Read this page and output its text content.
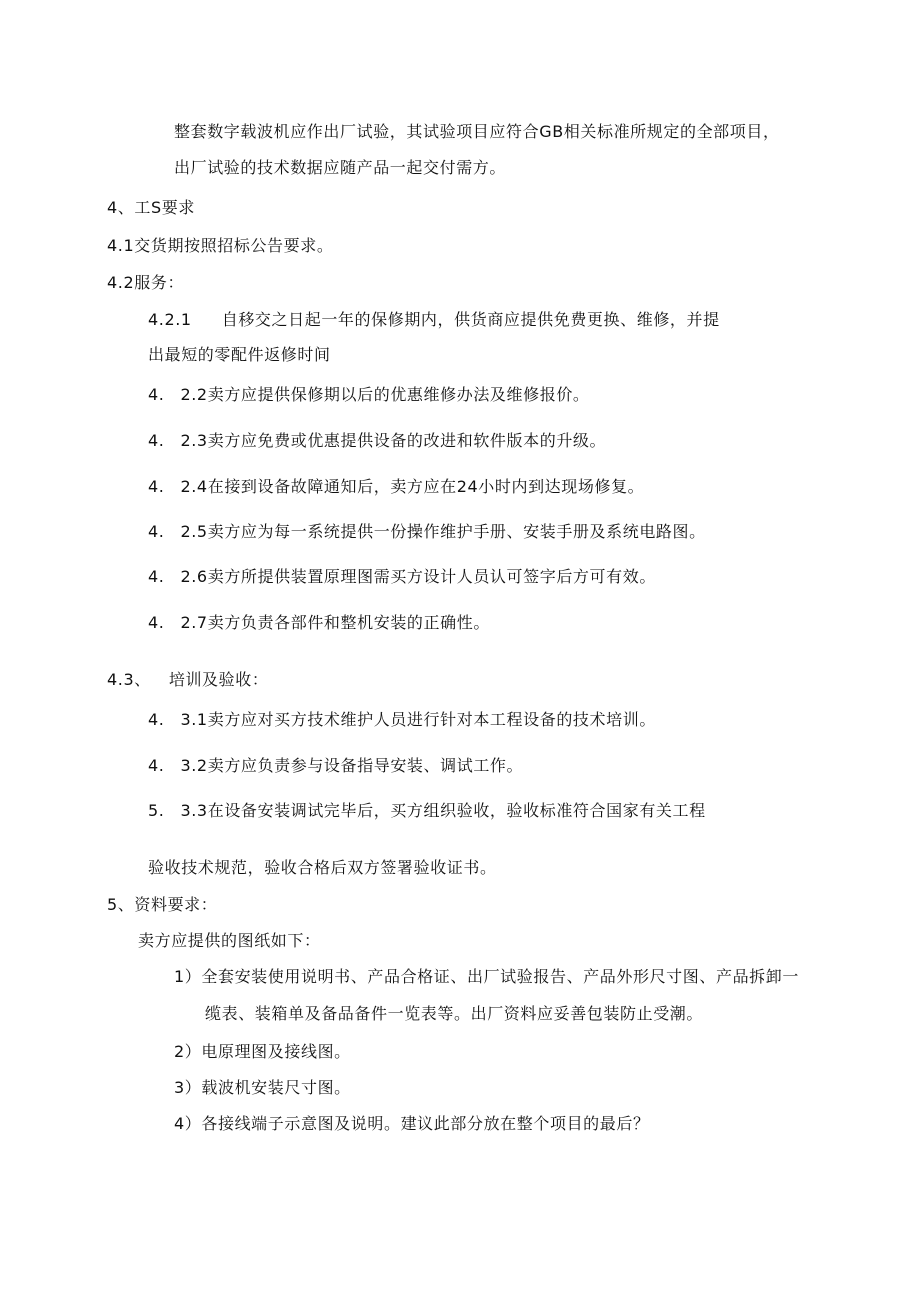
整套数字载波机应作出厂试验，其试验项目应符合GB相关标准所规定的全部项目，
出厂试验的技术数据应随产品一起交付需方。
4、工S要求
4.1交货期按照招标公告要求。
4.2服务：
4.2.1 自移交之日起一年的保修期内，供货商应提供免费更换、维修，并提
出最短的零配件返修时间
4. 2.2卖方应提供保修期以后的优惠维修办法及维修报价。
4. 2.3卖方应免费或优惠提供设备的改进和软件版本的升级。
4. 2.4在接到设备故障通知后，卖方应在24小时内到达现场修复。
4. 2.5卖方应为每一系统提供一份操作维护手册、安装手册及系统电路图。
4. 2.6卖方所提供装置原理图需买方设计人员认可签字后方可有效。
4. 2.7卖方负责各部件和整机安装的正确性。
4.3、 培训及验收：
4. 3.1卖方应对买方技术维护人员进行针对本工程设备的技术培训。
4. 3.2卖方应负责参与设备指导安装、调试工作。
5. 3.3在设备安装调试完毕后，买方组织验收，验收标准符合国家有关工程
验收技术规范，验收合格后双方签署验收证书。
5、资料要求：
卖方应提供的图纸如下：
1）全套安装使用说明书、产品合格证、出厂试验报告、产品外形尺寸图、产品拆卸一
缆表、装箱单及备品备件一览表等。出厂资料应妥善包装防止受潮。
2）电原理图及接线图。
3）载波机安装尺寸图。
4）各接线端子示意图及说明。建议此部分放在整个项目的最后？
